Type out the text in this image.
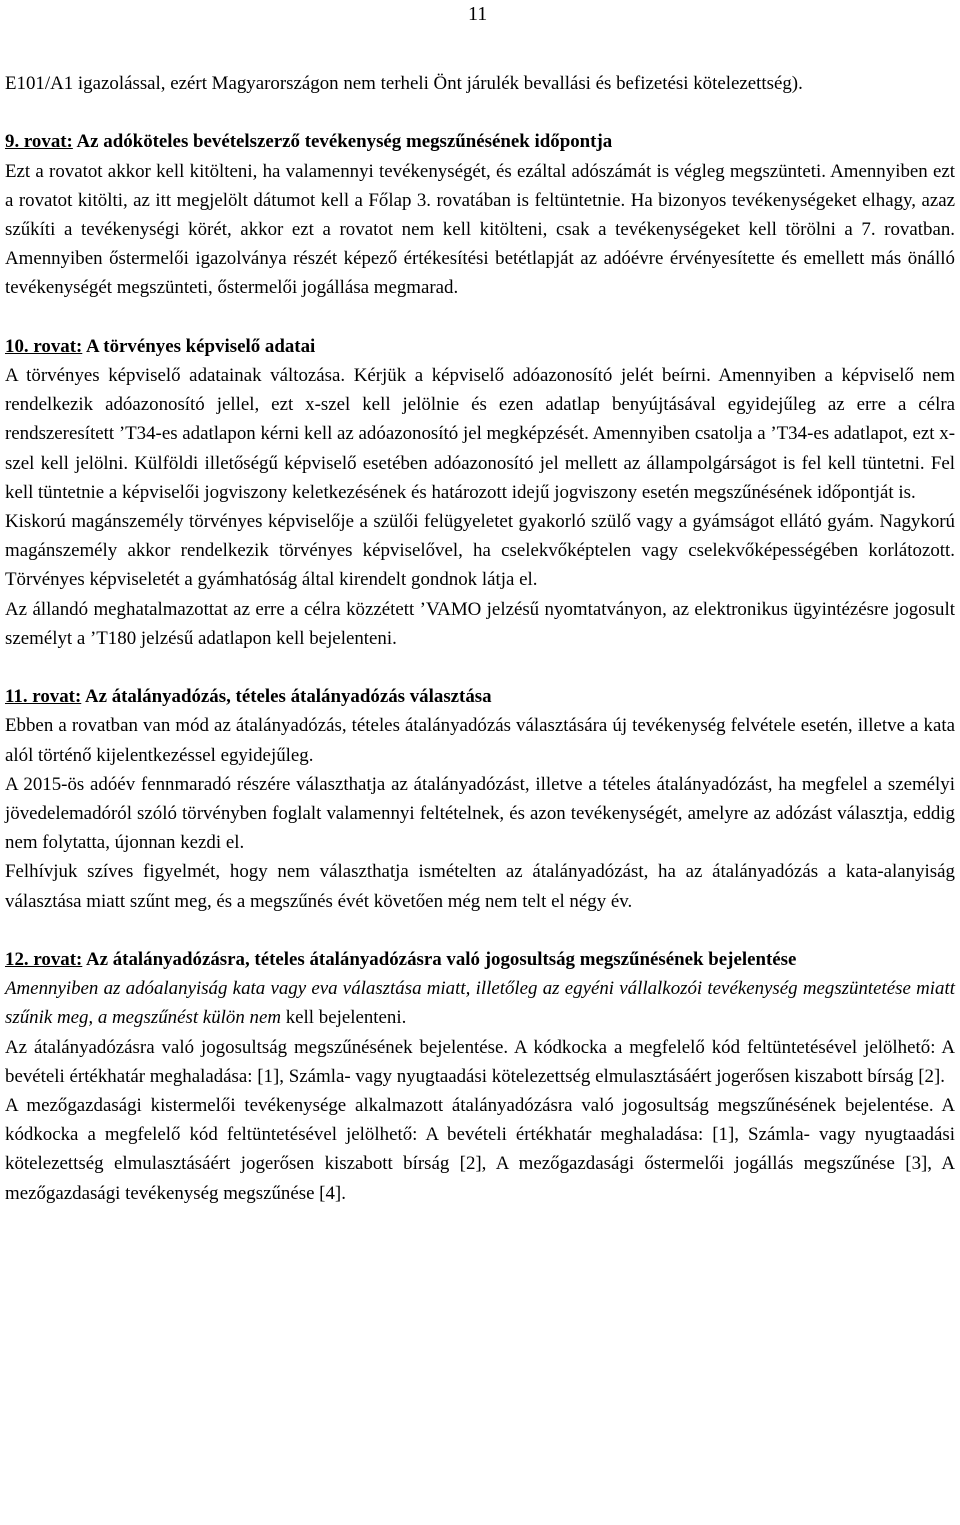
11

E101/A1 igazolással, ezért Magyarországon nem terheli Önt járulék bevallási és befizetési kötelezettség).

9. rovat: Az adóköteles bevételszerző tevékenység megszűnésének időpontja

Ezt a rovatot akkor kell kitölteni, ha valamennyi tevékenységét, és ezáltal adószámát is végleg megszünteti. Amennyiben ezt a rovatot kitölti, az itt megjelölt dátumot kell a Főlap 3. rovatában is feltüntetnie. Ha bizonyos tevékenységeket elhagy, azaz szűkíti a tevékenységi körét, akkor ezt a rovatot nem kell kitölteni, csak a tevékenységeket kell törölni a 7. rovatban. Amennyiben őstermelői igazolványa részét képező értékesítési betétlapját az adóévre érvényesítette és emellett más önálló tevékenységét megszünteti, őstermelői jogállása megmarad.

10. rovat: A törvényes képviselő adatai

A törvényes képviselő adatainak változása. Kérjük a képviselő adóazonosító jelét beírni. Amennyiben a képviselő nem rendelkezik adóazonosító jellel, ezt x-szel kell jelölnie és ezen adatlap benyújtásával egyidejűleg az erre a célra rendszeresített ’T34-es adatlapon kérni kell az adóazonosító jel megképzését. Amennyiben csatolja a ’T34-es adatlapot, ezt x-szel kell jelölni. Külföldi illetőségű képviselő esetében adóazonosító jel mellett az állampolgárságot is fel kell tüntetni. Fel kell tüntetnie a képviselői jogviszony keletkezésének és határozott idejű jogviszony esetén megszűnésének időpontját is.

Kiskorú magánszemély törvényes képviselője a szülői felügyeletet gyakorló szülő vagy a gyámságot ellátó gyám. Nagykorú magánszemély akkor rendelkezik törvényes képviselővel, ha cselekvőképtelen vagy cselekvőképességében korlátozott. Törvényes képviseletét a gyámhatóság által kirendelt gondnok látja el.

Az állandó meghatalmazottat az erre a célra közzétett ’VAMO jelzésű nyomtatványon, az elektronikus ügyintézésre jogosult személyt a ’T180 jelzésű adatlapon kell bejelenteni.

11. rovat: Az átalányadózás, tételes átalányadózás választása

Ebben a rovatban van mód az átalányadózás, tételes átalányadózás választására új tevékenység felvétele esetén, illetve a kata alól történő kijelentkezéssel egyidejűleg.

A 2015-ös adóév fennmaradó részére választhatja az átalányadózást, illetve a tételes átalányadózást, ha megfelel a személyi jövedelemadóról szóló törvényben foglalt valamennyi feltételnek, és azon tevékenységét, amelyre az adózást választja, eddig nem folytatta, újonnan kezdi el.

Felhívjuk szíves figyelmét, hogy nem választhatja ismételten az átalányadózást, ha az átalányadózás a kata-alanyiság választása miatt szűnt meg, és a megszűnés évét követően még nem telt el négy év.

12. rovat: Az átalányadózásra, tételes átalányadózásra való jogosultság megszűnésének bejelentése

Amennyiben az adóalanyiság kata vagy eva választása miatt, illetőleg az egyéni vállalkozói tevékenység megszüntetése miatt szűnik meg, a megszűnést külön nem kell bejelenteni.

Az átalányadózásra való jogosultság megszűnésének bejelentése. A kódkocka a megfelelő kód feltüntetésével jelölhető: A bevételi értékhatár meghaladása: [1], Számla- vagy nyugtaadási kötelezettség elmulasztásáért jogerősen kiszabott bírság [2].

A mezőgazdasági kistermelői tevékenysége alkalmazott átalányadózásra való jogosultság megszűnésének bejelentése. A kódkocka a megfelelő kód feltüntetésével jelölhető: A bevételi értékhatár meghaladása: [1], Számla- vagy nyugtaadási kötelezettség elmulasztásáért jogerősen kiszabott bírság [2], A mezőgazdasági őstermelői jogállás megszűnése [3], A mezőgazdasági tevékenység megszűnése [4].
